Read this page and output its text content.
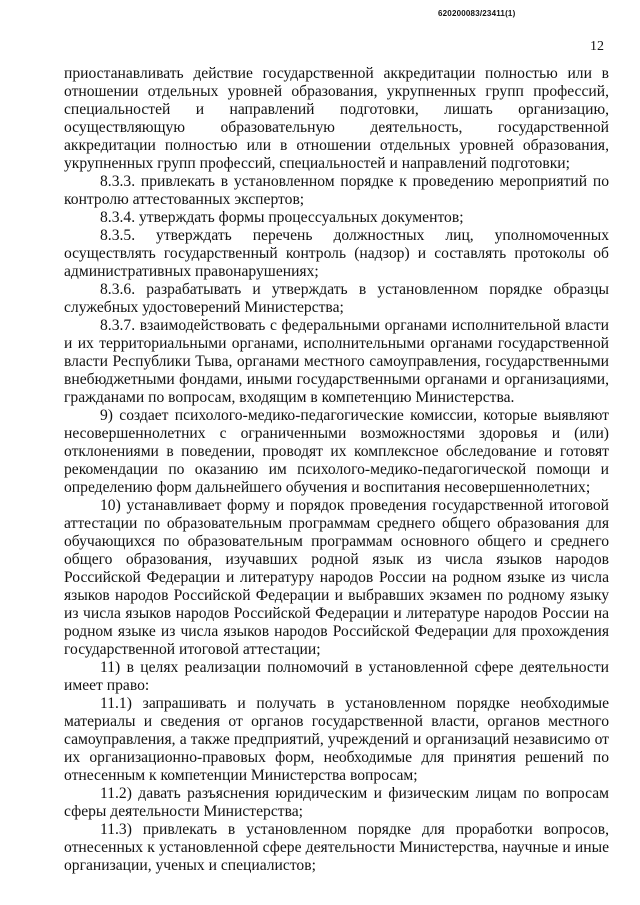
620200083/23411(1)
12

приостанавливать действие государственной аккредитации полностью или в отношении отдельных уровней образования, укрупненных групп профессий, специальностей и направлений подготовки, лишать организацию, осуществляющую образовательную деятельность, государственной аккредитации полностью или в отношении отдельных уровней образования, укрупненных групп профессий, специальностей и направлений подготовки;

8.3.3. привлекать в установленном порядке к проведению мероприятий по контролю аттестованных экспертов;

8.3.4. утверждать формы процессуальных документов;

8.3.5. утверждать перечень должностных лиц, уполномоченных осуществлять государственный контроль (надзор) и составлять протоколы об административных правонарушениях;

8.3.6. разрабатывать и утверждать в установленном порядке образцы служебных удостоверений Министерства;

8.3.7. взаимодействовать с федеральными органами исполнительной власти и их территориальными органами, исполнительными органами государственной власти Республики Тыва, органами местного самоуправления, государственными внебюджетными фондами, иными государственными органами и организациями, гражданами по вопросам, входящим в компетенцию Министерства.

9) создает психолого-медико-педагогические комиссии, которые выявляют несовершеннолетних с ограниченными возможностями здоровья и (или) отклонениями в поведении, проводят их комплексное обследование и готовят рекомендации по оказанию им психолого-медико-педагогической помощи и определению форм дальнейшего обучения и воспитания несовершеннолетних;

10) устанавливает форму и порядок проведения государственной итоговой аттестации по образовательным программам среднего общего образования для обучающихся по образовательным программам основного общего и среднего общего образования, изучавших родной язык из числа языков народов Российской Федерации и литературу народов России на родном языке из числа языков народов Российской Федерации и выбравших экзамен по родному языку из числа языков народов Российской Федерации и литературе народов России на родном языке из числа языков народов Российской Федерации для прохождения государственной итоговой аттестации;

11) в целях реализации полномочий в установленной сфере деятельности имеет право:

11.1) запрашивать и получать в установленном порядке необходимые материалы и сведения от органов государственной власти, органов местного самоуправления, а также предприятий, учреждений и организаций независимо от их организационно-правовых форм, необходимые для принятия решений по отнесенным к компетенции Министерства вопросам;

11.2) давать разъяснения юридическим и физическим лицам по вопросам сферы деятельности Министерства;

11.3) привлекать в установленном порядке для проработки вопросов, отнесенных к установленной сфере деятельности Министерства, научные и иные организации, ученых и специалистов;
